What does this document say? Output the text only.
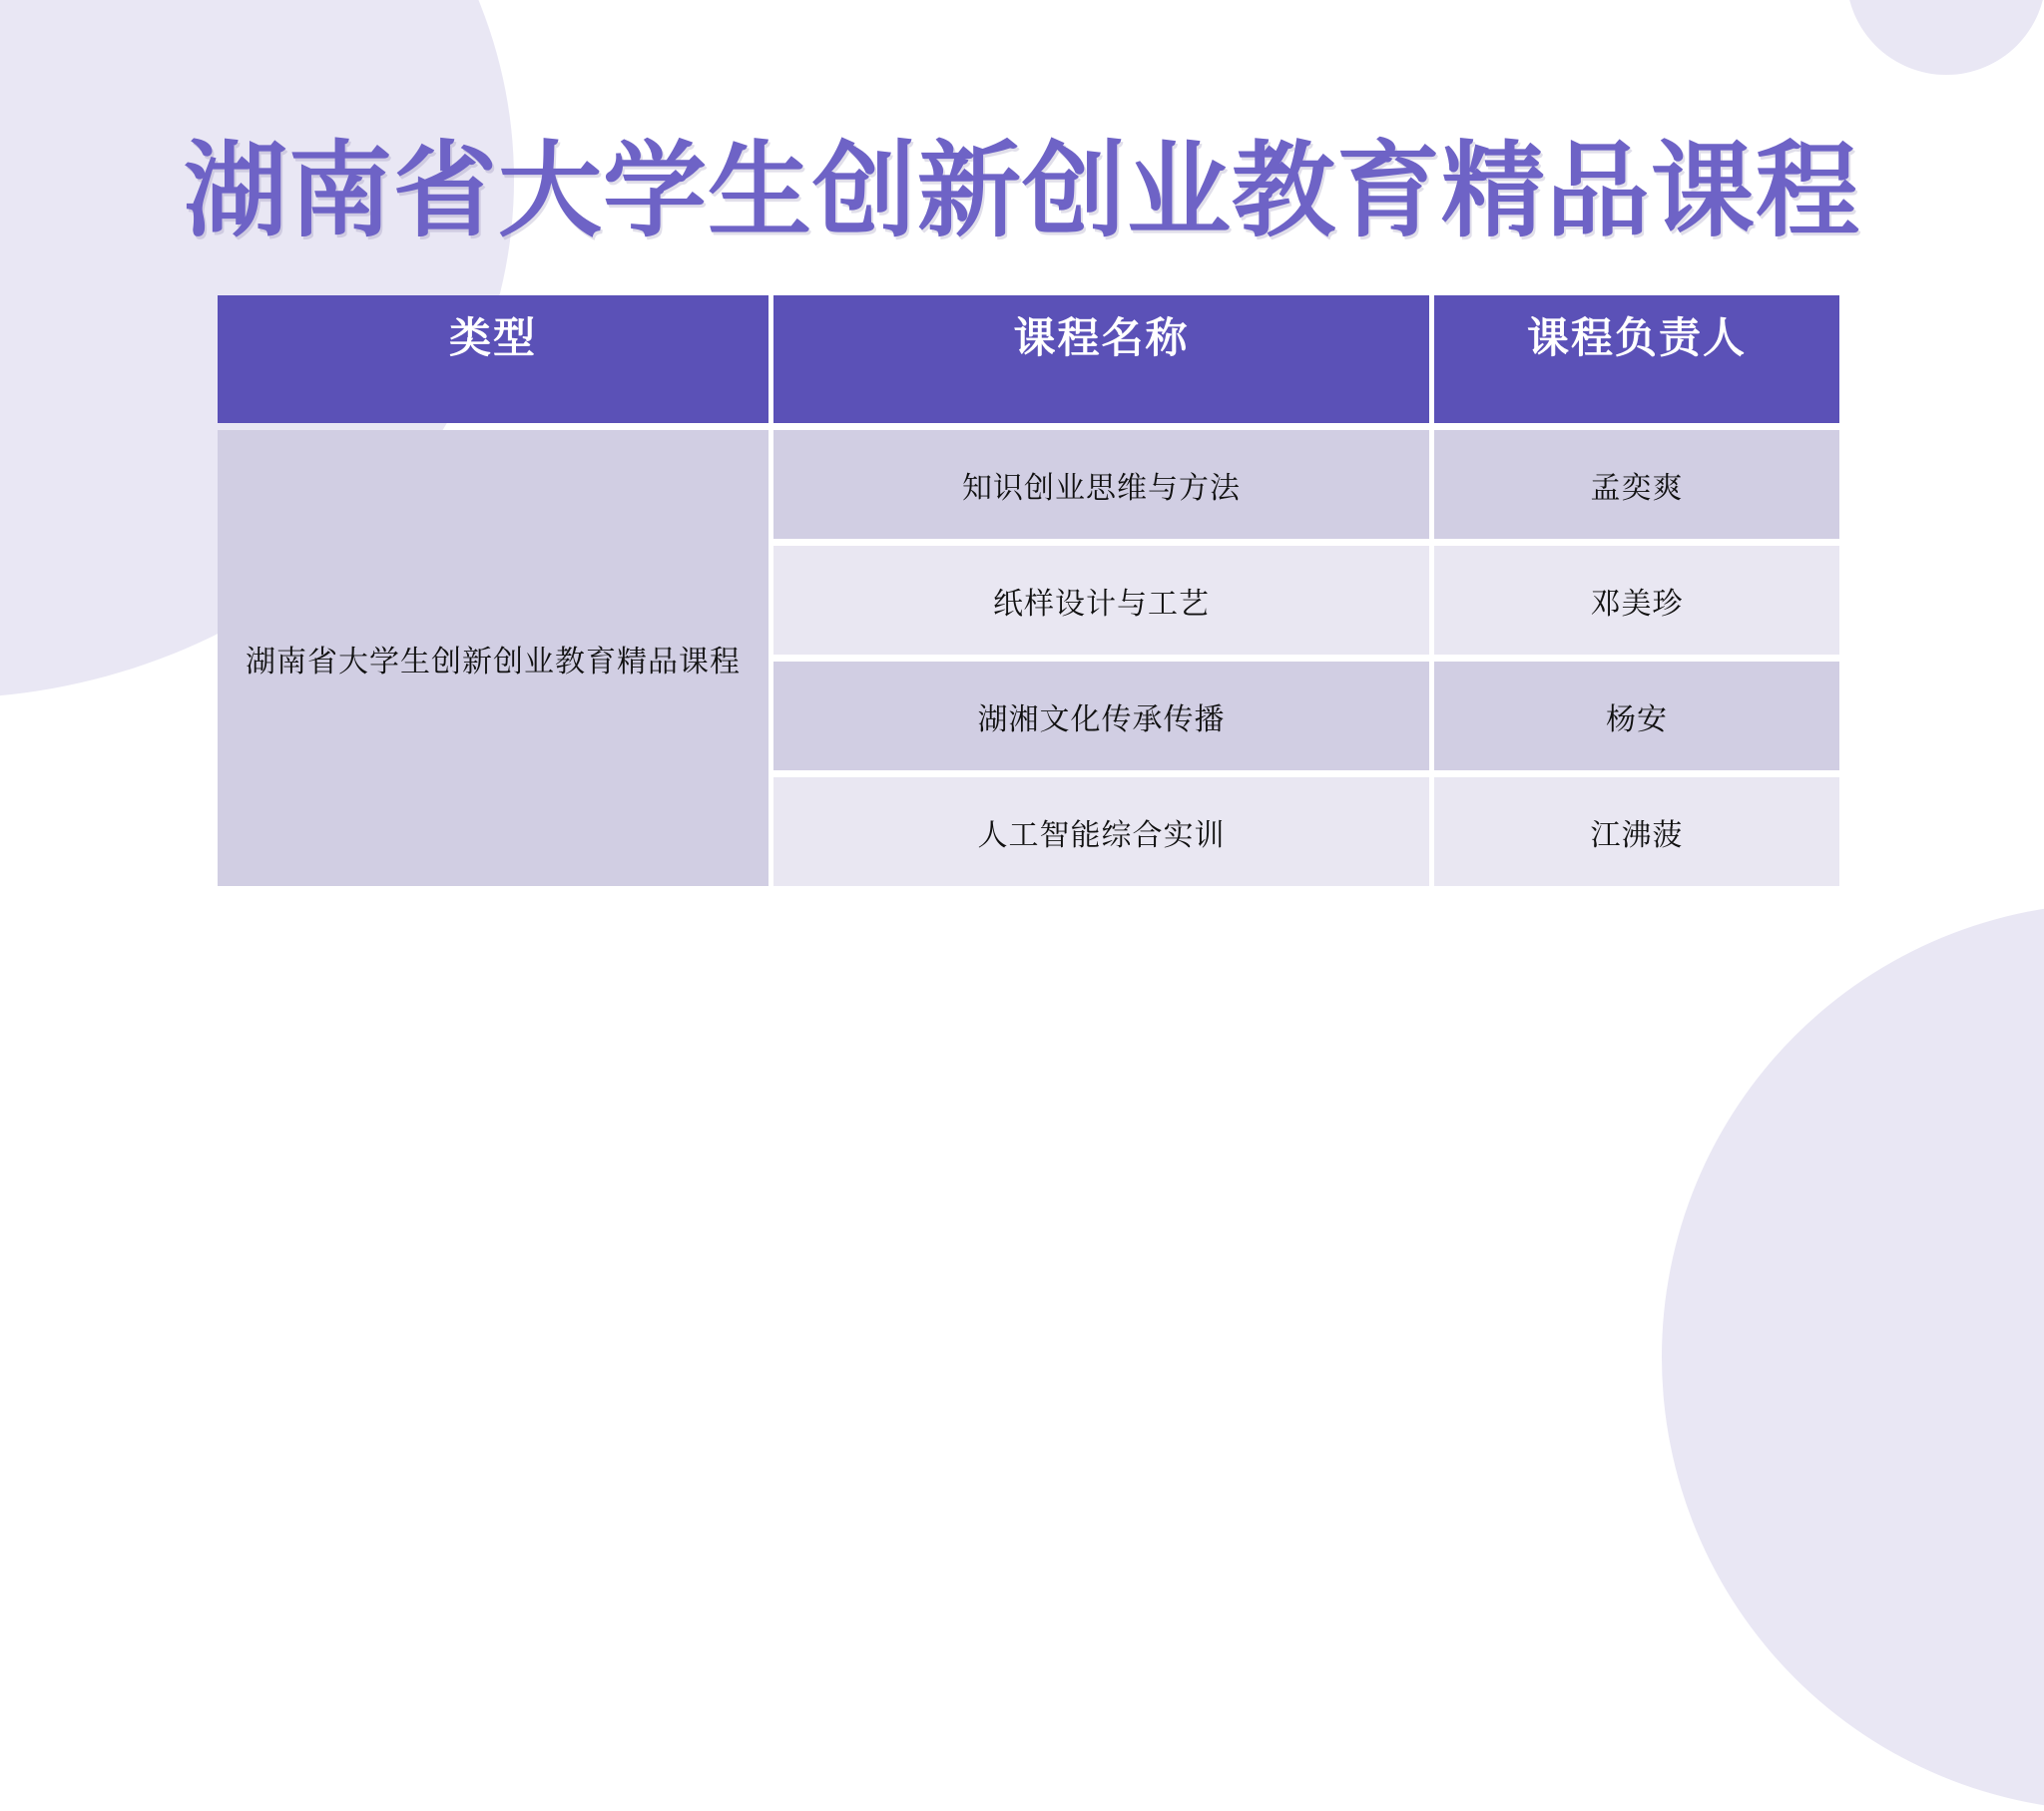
湖南省大学生创新创业教育精品课程
类型	课程名称	课程负责人
湖南省大学生创新创业教育精品课程	知识创业思维与方法	孟奕爽
	纸样设计与工艺	邓美珍
	湖湘文化传承传播	杨安
	人工智能综合实训	江沸菠
